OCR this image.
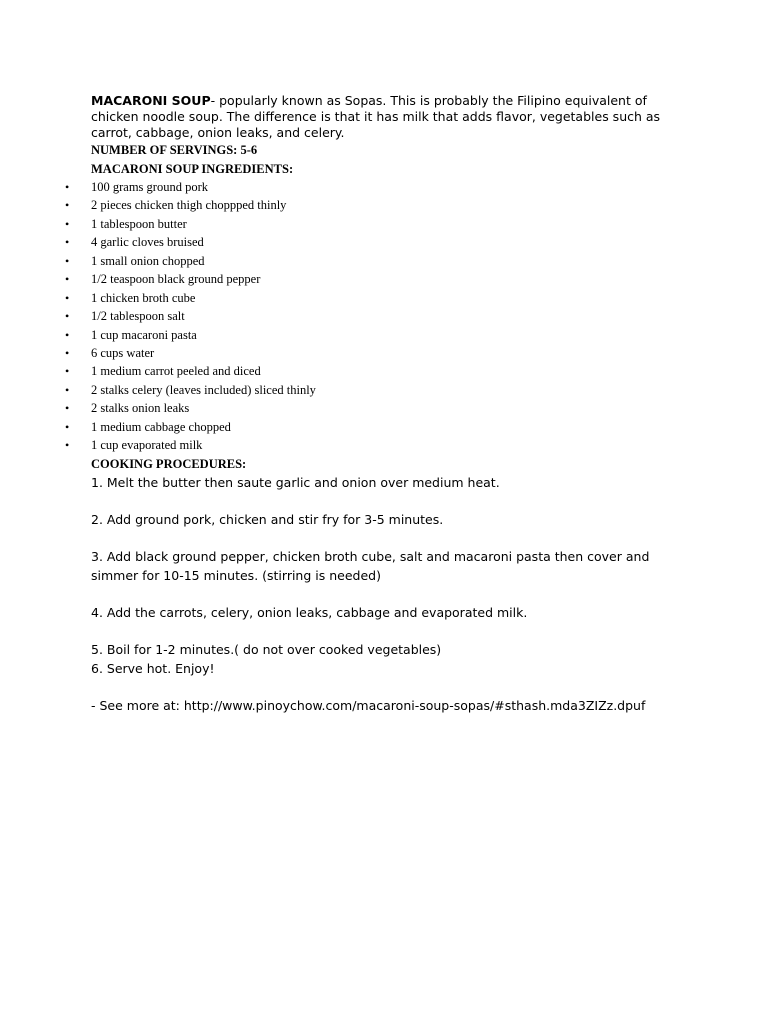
MACARONI SOUP- popularly known as Sopas. This is probably the Filipino equivalent of chicken noodle soup. The difference is that it has milk that adds flavor, vegetables such as carrot, cabbage, onion leaks, and celery.

NUMBER OF SERVINGS: 5-6

MACARONI SOUP INGREDIENTS:

• 100 grams ground pork
• 2 pieces chicken thigh choppped thinly
• 1 tablespoon butter
• 4 garlic cloves bruised
• 1 small onion chopped
• 1/2 teaspoon black ground pepper
• 1 chicken broth cube
• 1/2 tablespoon salt
• 1 cup macaroni pasta
• 6 cups water
• 1 medium carrot peeled and diced
• 2 stalks celery (leaves included) sliced thinly
• 2 stalks onion leaks
• 1 medium cabbage chopped
• 1 cup evaporated milk

COOKING PROCEDURES:

1. Melt the butter then saute garlic and onion over medium heat.

2. Add ground pork, chicken and stir fry for 3-5 minutes.

3. Add black ground pepper, chicken broth cube, salt and macaroni pasta then cover and simmer for 10-15 minutes. (stirring is needed)

4. Add the carrots, celery, onion leaks, cabbage and evaporated milk.

5. Boil for 1-2 minutes.( do not over cooked vegetables)

6. Serve hot. Enjoy!

- See more at: http://www.pinoychow.com/macaroni-soup-sopas/#sthash.mda3ZIZz.dpuf
